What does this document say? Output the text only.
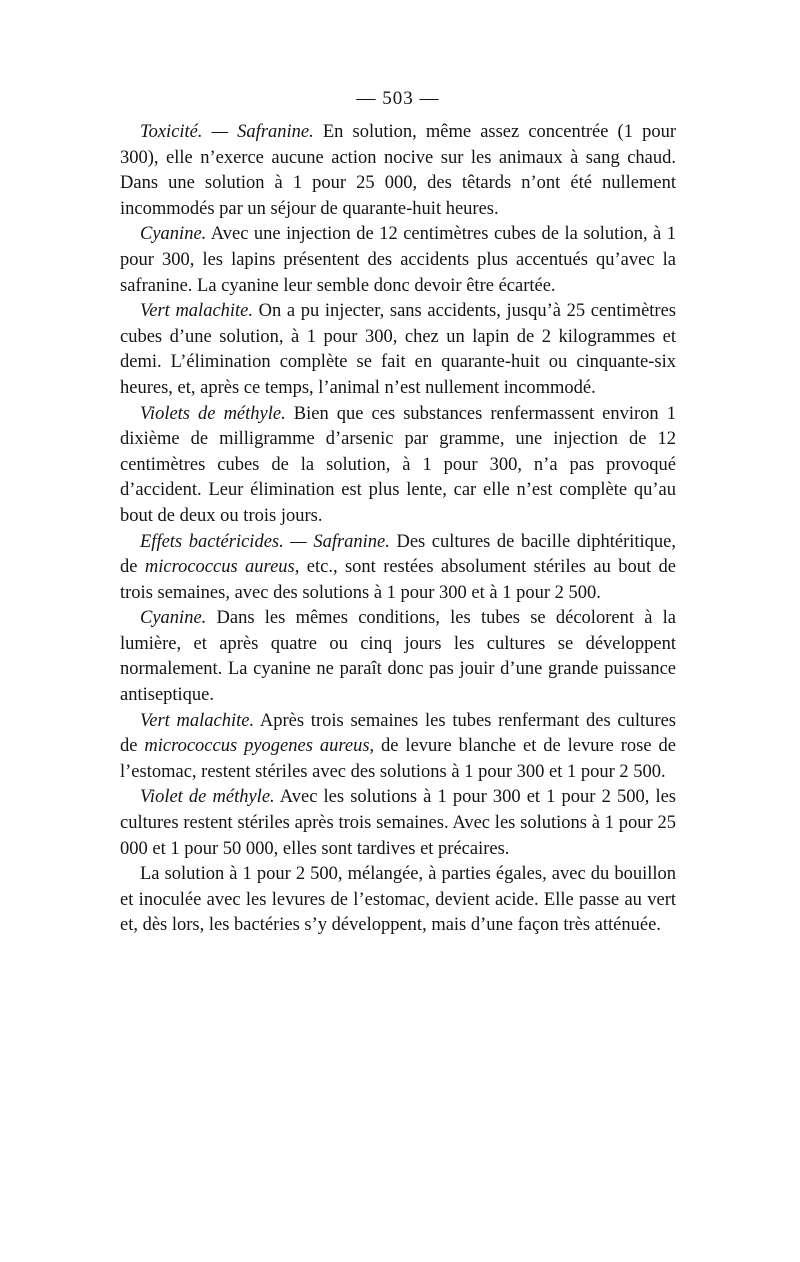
— 503 —

Toxicité. — Safranine. En solution, même assez concentrée (1 pour 300), elle n’exerce aucune action nocive sur les animaux à sang chaud. Dans une solution à 1 pour 25 000, des têtards n’ont été nullement incommodés par un séjour de quarante-huit heures.

Cyanine. Avec une injection de 12 centimètres cubes de la solution, à 1 pour 300, les lapins présentent des accidents plus accentués qu’avec la safranine. La cyanine leur semble donc devoir être écartée.

Vert malachite. On a pu injecter, sans accidents, jusqu’à 25 centimètres cubes d’une solution, à 1 pour 300, chez un lapin de 2 kilogrammes et demi. L’élimination complète se fait en quarante-huit ou cinquante-six heures, et, après ce temps, l’animal n’est nullement incommodé.

Violets de méthyle. Bien que ces substances renfermassent environ 1 dixième de milligramme d’arsenic par gramme, une injection de 12 centimètres cubes de la solution, à 1 pour 300, n’a pas provoqué d’accident. Leur élimination est plus lente, car elle n’est complète qu’au bout de deux ou trois jours.

Effets bactéricides. — Safranine. Des cultures de bacille diphtéritique, de micrococcus aureus, etc., sont restées absolument stériles au bout de trois semaines, avec des solutions à 1 pour 300 et à 1 pour 2 500.

Cyanine. Dans les mêmes conditions, les tubes se décolorent à la lumière, et après quatre ou cinq jours les cultures se développent normalement. La cyanine ne paraît donc pas jouir d’une grande puissance antiseptique.

Vert malachite. Après trois semaines les tubes renfermant des cultures de micrococcus pyogenes aureus, de levure blanche et de levure rose de l’estomac, restent stériles avec des solutions à 1 pour 300 et 1 pour 2 500.

Violet de méthyle. Avec les solutions à 1 pour 300 et 1 pour 2 500, les cultures restent stériles après trois semaines. Avec les solutions à 1 pour 25 000 et 1 pour 50 000, elles sont tardives et précaires.

La solution à 1 pour 2 500, mélangée, à parties égales, avec du bouillon et inoculée avec les levures de l’estomac, devient acide. Elle passe au vert et, dès lors, les bactéries s’y développent, mais d’une façon très atténuée.
